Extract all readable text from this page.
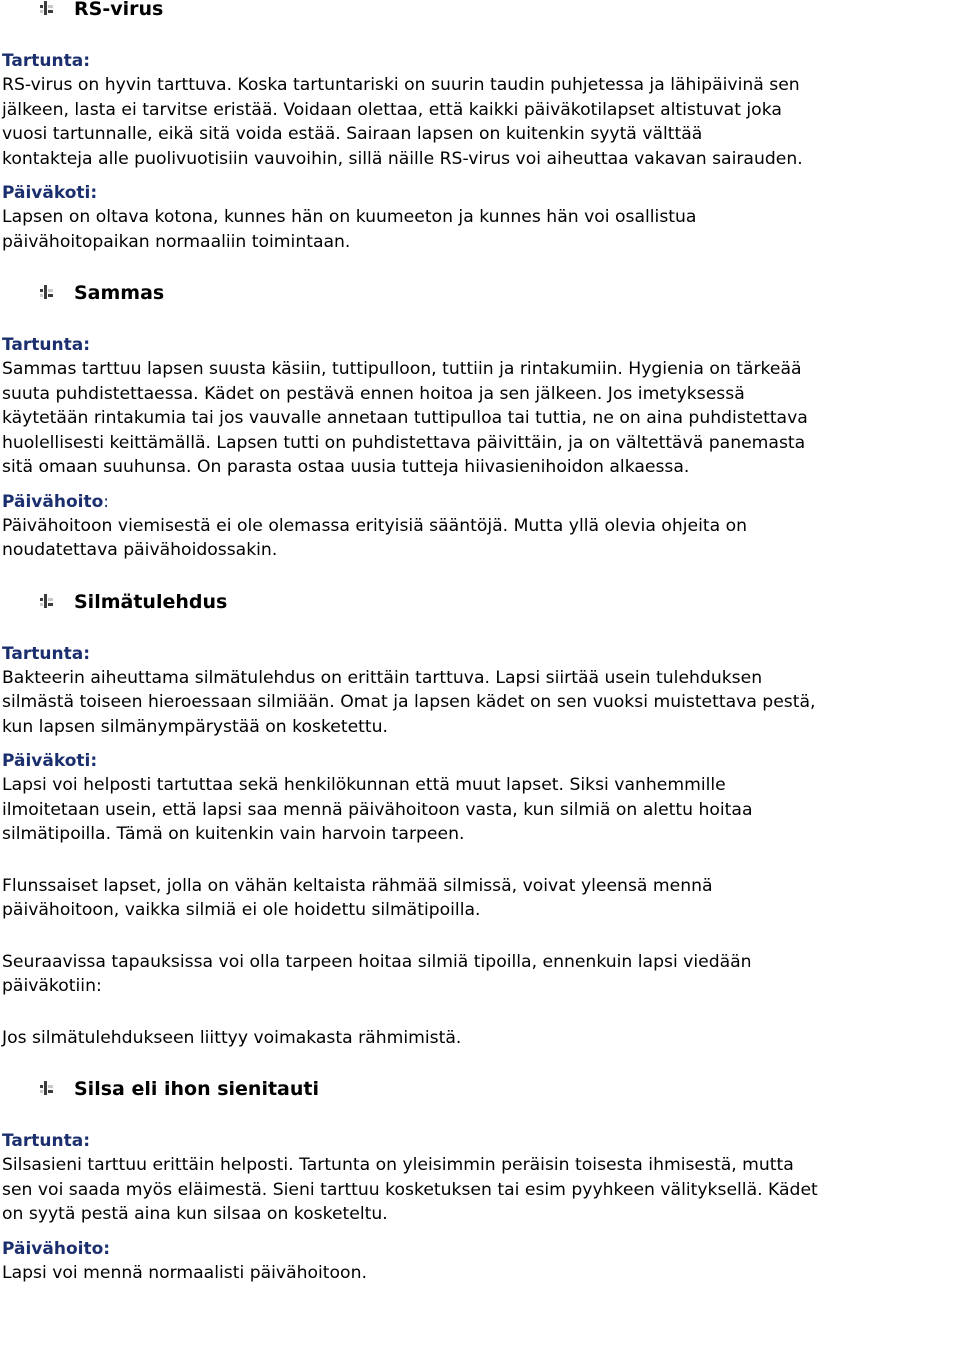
RS-virus
Tartunta:

RS-virus on hyvin tarttuva. Koska tartuntariski on suurin taudin puhjetessa ja lähipäivinä sen

jälkeen, lasta ei tarvitse eristää. Voidaan olettaa, että kaikki päiväkotilapset altistuvat joka

vuosi tartunnalle, eikä sitä voida estää. Sairaan lapsen on kuitenkin syytä välttää

kontakteja alle puolivuotisiin vauvoihin, sillä näille RS-virus voi aiheuttaa vakavan sairauden.

Päiväkoti:

Lapsen on oltava kotona, kunnes hän on kuumeeton ja kunnes hän voi osallistua

päivähoitopaikan normaaliin toimintaan.

Sammas
Tartunta:

Sammas tarttuu lapsen suusta käsiin, tuttipulloon, tuttiin ja rintakumiin. Hygienia on tärkeää

suuta puhdistettaessa. Kädet on pestävä ennen hoitoa ja sen jälkeen. Jos imetyksessä

käytetään rintakumia tai jos vauvalle annetaan tuttipulloa tai tuttia, ne on aina puhdistettava

huolellisesti keittämällä. Lapsen tutti on puhdistettava päivittäin, ja on vältettävä panemasta

sitä omaan suuhunsa. On parasta ostaa uusia tutteja hiivasienihoidon alkaessa.

Päivähoito:

Päivähoitoon viemisestä ei ole olemassa erityisiä sääntöjä. Mutta yllä olevia ohjeita on

noudatettava päivähoidossakin.

Silmätulehdus
Tartunta:

Bakteerin aiheuttama silmätulehdus on erittäin tarttuva. Lapsi siirtää usein tulehduksen

silmästä toiseen hieroessaan silmiään. Omat ja lapsen kädet on sen vuoksi muistettava pestä,

kun lapsen silmänympärystää on kosketettu.

Päiväkoti:

Lapsi voi helposti tartuttaa sekä henkilökunnan että muut lapset. Siksi vanhemmille

ilmoitetaan usein, että lapsi saa mennä päivähoitoon vasta, kun silmiä on alettu hoitaa

silmätipoilla. Tämä on kuitenkin vain harvoin tarpeen.

Flunssaiset lapset, jolla on vähän keltaista rähmää silmissä, voivat yleensä mennä

päivähoitoon, vaikka silmiä ei ole hoidettu silmätipoilla.

Seuraavissa tapauksissa voi olla tarpeen hoitaa silmiä tipoilla, ennenkuin lapsi viedään

päiväkotiin:

Jos silmätulehdukseen liittyy voimakasta rähmimistä.

Silsa eli ihon sienitauti
Tartunta:

Silsasieni tarttuu erittäin helposti. Tartunta on yleisimmin peräisin toisesta ihmisestä, mutta

sen voi saada myös eläimestä. Sieni tarttuu kosketuksen tai esim pyyhkeen välityksellä. Kädet

on syytä pestä aina kun silsaa on kosketeltu.

Päivähoito:

Lapsi voi mennä normaalisti päivähoitoon.
